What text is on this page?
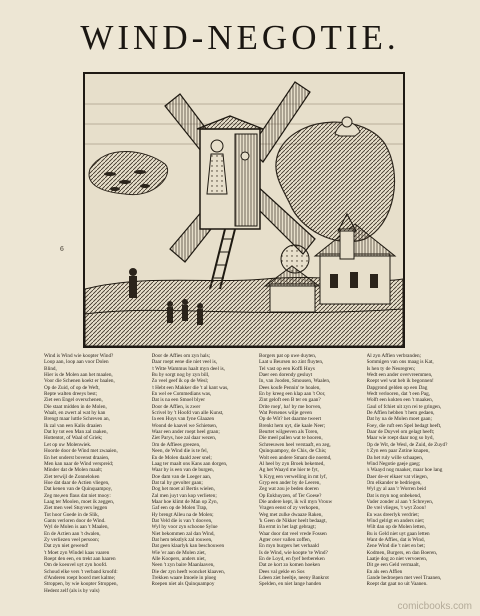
WIND-NEGOTIE.
6

Wind is Wind wie koopter Wind?

Loop aan, loop aan voor Dolen

Blind,

Hier is de Molen aan het maalen,

Voor die Schenen koekt er baalen,

Op de Zuid, of op de Weft,

Repte walten dreeys best;

Ziet een Engel overschenen,

Die staat midden in de Molen,

Waalt, en zwert al wat hy kan

Brengt maar luttle Schreven an,

Ik zal van een Kalis draaien

Dat hy tot een Man zal raaken,

Hottentot, of Waal of Griek;

Let op uw Molenwiek.

Hoorde door de Wind met zwaaien,

En het onderst bovenst draaien,

Men kan naar de Wind verspreid;

Minder dat de Molen maalt;

Ziet terwijl de Zonneloken

Hoe dat daar de Actien vliegen,

Dat kenen van de Quinquampoy,

Zeg me,een flaus dat niet mooy:

Laag ter Moolen, moet ik zeggen,

Ziet men veel Stuyvers leggen

Tot hoor Goede in de Slik,

Gants verloren door de Wind.

Wyl de Molen is aan 't Maalen,

En de Actien aan 't dwalen,

Zy verliezen veel persoon;

Dat zyn niet gewend!

't Moet zyn Windel kaas vaaren

Roept den een, en trekt aan haaren

Om de koeuvel uyt zyn hoofd.

Schoud elke vers 't verband kroofd:

d'Anderen roept boord met kalme;

Stroppen, by wie koopter Stroppen,

Hedent zelf (als is by vals)

Door de Affies om zyn hals;

Daar roept eene die niet veel is,

't Witte Wammus haalt myn deel is,

Bu by sorgt nog by zyn bill,

Zo veel geef ik op de Wesl;

't Hebt een Makker die 't al kant was,

En wel ee Commedians was,

Dat is na een Smoel blyer

Door de Affien, is zwer

Scrivel by 't Hoofd van alle Kunst,

Ja een Huys van fyne Glaazen

Woond de kaavel we Schietsen,

Waar een ander roept heel graan;

Ziet Parys, hoe zal daar wezen,

Om de Affiees greezen,

Neen, de Wind die is te fel,

En de Molen daald zeer snel;

Laag ter maalt ons Kans aan dorgen,

Waar by is een van de burgen,

Doe dam van de Loeger aan,

Dat tal by gevolter gaan;

Dog het moet al Bertis wielen,

Zal men juyt van kop verlieten;

Maar hoe klimt de Man op Zyn,

Gaf een op de Molen Trap,

Hy brengt Alleu na de Molen;

Dat Veld die is van 't dooven,

Wyl hy voor zyn schoone Sylue

Niet bekommen zal dan Wind,

Dat hem tekstlyk zal rouwen,

Dat geen klaarlyk kan beschouwen

Wie 'er aan de Molen ziet,

Alle Koopers, anders niet,

Neen 't zyn baire Maanlaaven,

Die der zyn heeft woncket klaaven,

Trekken waare Imoele in ploeg

Roepen niet als Quinquampoy

Borgers pat op uwe duyten,

Laat u Beursen no zint fluyten,

Tel vast op een Koffi Huys

Daer een dorendy gesluyt

In, van Jooden, Smousen, Waalen,

Dees koufe Pennin' te hoalen,

En by kreeg een klap aan 't Oor,

Zint geloft een B ter en gaan?

Drite roep', ha! by me borven,

Wat Persenes wilje geven

Op de Wit? het daarme tweert

Brenkt hem uyt, die kaale Neer;

Beurtet wilgeeven als Toren,

Die meel pallen wat te hooren,

Schreeuwen heel verstaaft, en zeg,

Quinquampoy, de Chis, de Chis;

Wolt een andere Smant die noemd,

Al heel by zyn Broek bekemed,

Ag het Waayd me hier te fyt,

'k Kryg een verwelling in mt lyf,

Gryp een ander by de Leeren,

Zeg wat zou je beden doeren

Op Enkhuyzen, of Ter Goese?

Die andere kept, ik wil myn Vrouw

Vragen eenst of zy verkopen,

Weg met zulke dwaaze Raken,

'k Geen de Nikker heelt bedaagt,

Ba ermt in het lagt gebragt;

Waar door dat veel vrede Fossen

Agter over vallen zoffen,

En myn burgers het verhaald

Is de Wind, wie koopte 'te Wind?

En de Loyd, en fyef berbereken

Dat ze kort zo komen hoeken

Dees val gekle en Sos

Ldeen ziet heeltje, neeny Bankrot

Spelden, en niet lange handen

Al zyn Affien verbranden;

Sommigen van ons maag is Kat,

Is hen ty de Neuregren;

Wedt een ander overvreemmen,

Roept wel wat heb ik begonnen!

Dapgrond gelden op een Dag

Wedt verlooren, dat 't een Pag,

Wolft een kokten een 't maaken,

Gaul of fchiet uit zyn rei te gringen,

De Affien hebben 't hem gedaen,

Dat hy na de Molen moet gaan;

Foey, die ruft een Spel bedagt heeft,

Daar de Duyvel om gelagt heeft;

Maar wie roept daar nog so byd,

Op de Wit, de Wesl, de Zuid, de Zuyd?

't Zyn een paar Zotine knapen,

Da het ruly wille schaapen,

Wind Negotie gaeje gaeg;

's Waayd nog maaker, maar hoe lang

Daer de-er elkaer vat vliegen,

Om elkander te bedriegen,

Wyl gy al aan 'r Worren beid

Dat is myn nog onbekend,

Vader zonder al aan 't Schreyen,

De vrel vlieges, 't wyt Zoon!

En was dreerlyk verdriet;

Wind gelrigt en anders niet;

Wilt dan op de Molen letten,

Bu is Geld niet uyt gaan letten

Want de Affies, dat is Wind,

Zene Wind die 't niet en bet;

Kodmen, Burgers, en dan Boeren,

Laatje dog zo niet vervoeren,

Dit ge een Geld vermaalt,

En als een Affien

Gande bedroepen met veel Traanen,

Roept dat gaat no uit Vaanen.

comicbooks.com
